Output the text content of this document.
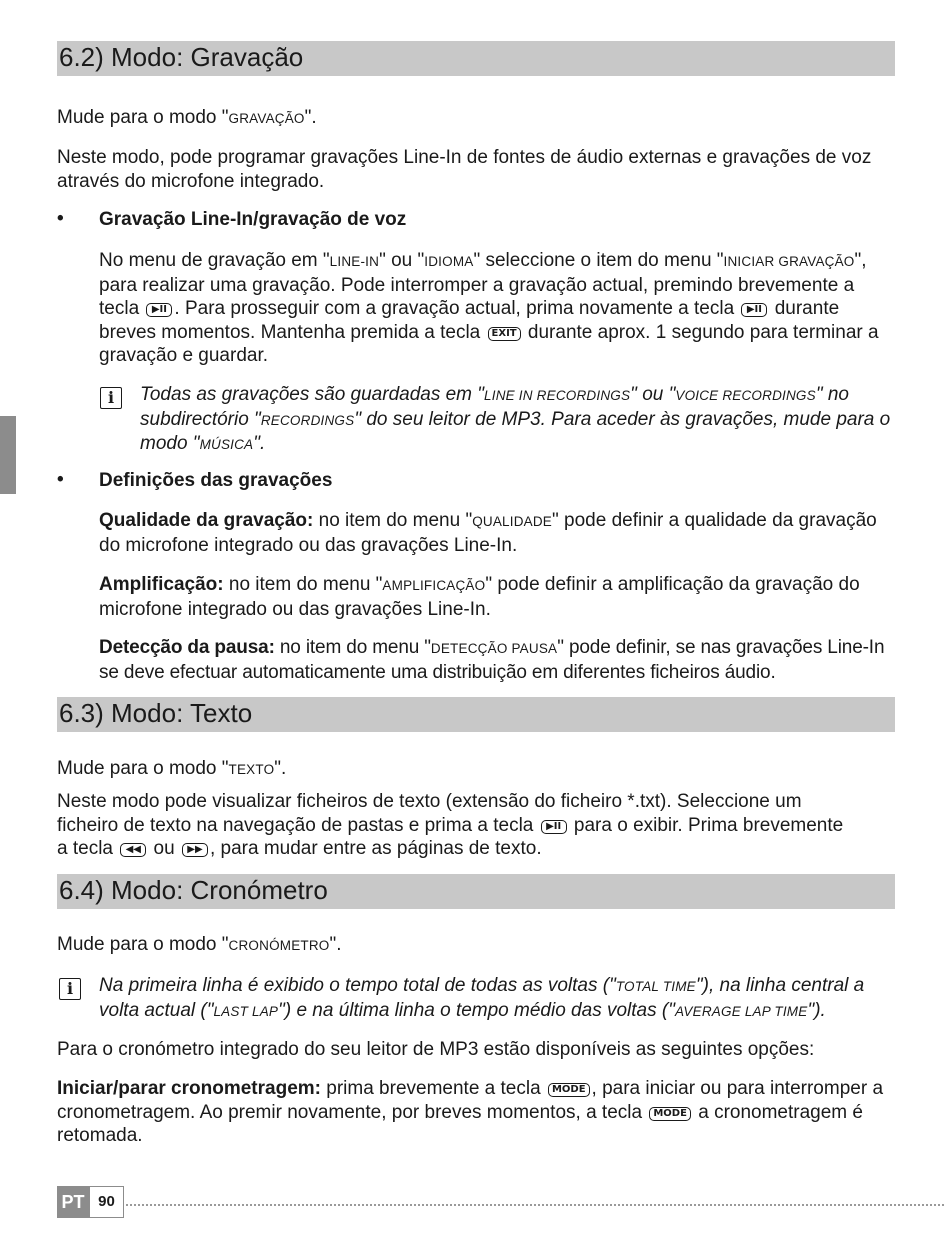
6.2) Modo: Gravação

Mude para o modo "GRAVAÇÃO".

Neste modo, pode programar gravações Line-In de fontes de áudio externas e gravações de voz através do microfone integrado.

• Gravação Line-In/gravação de voz

No menu de gravação em "LINE-IN" ou "IDIOMA" seleccione o item do menu "INICIAR GRAVAÇÃO", para realizar uma gravação. Pode interromper a gravação actual, premindo brevemente a tecla ▶II . Para prosseguir com a gravação actual, prima novamente a tecla ▶II durante breves momentos. Mantenha premida a tecla EXIT durante aprox. 1 segundo para terminar a gravação e guardar.

i	Todas as gravações são guardadas em "LINE IN RECORDINGS" ou "VOICE RECORDINGS" no subdirectório "RECORDINGS" do seu leitor de MP3. Para aceder às gravações, mude para o modo "MÚSICA".

• Definições das gravações

Qualidade da gravação: no item do menu "QUALIDADE" pode definir a qualidade da gravação do microfone integrado ou das gravações Line-In.

Amplificação: no item do menu "AMPLIFICAÇÃO" pode definir a amplificação da gravação do microfone integrado ou das gravações Line-In.

Detecção da pausa: no item do menu "DETECÇÃO PAUSA" pode definir, se nas gravações Line-In se deve efectuar automaticamente uma distribuição em diferentes ficheiros áudio.

6.3) Modo: Texto

Mude para o modo "TEXTO".

Neste modo pode visualizar ficheiros de texto (extensão do ficheiro *.txt). Seleccione um ficheiro de texto na navegação de pastas e prima a tecla ▶II para o exibir. Prima brevemente a tecla ◀◀ ou ▶▶ , para mudar entre as páginas de texto.

6.4) Modo: Cronómetro

Mude para o modo "CRONÓMETRO".

i	Na primeira linha é exibido o tempo total de todas as voltas ("TOTAL TIME"), na linha central a volta actual ("LAST LAP") e na última linha o tempo médio das voltas ("AVERAGE LAP TIME").

Para o cronómetro integrado do seu leitor de MP3 estão disponíveis as seguintes opções:

Iniciar/parar cronometragem: prima brevemente a tecla MODE , para iniciar ou para interromper a cronometragem. Ao premir novamente, por breves momentos, a tecla MODE a cronometragem é retomada.

PT 90
